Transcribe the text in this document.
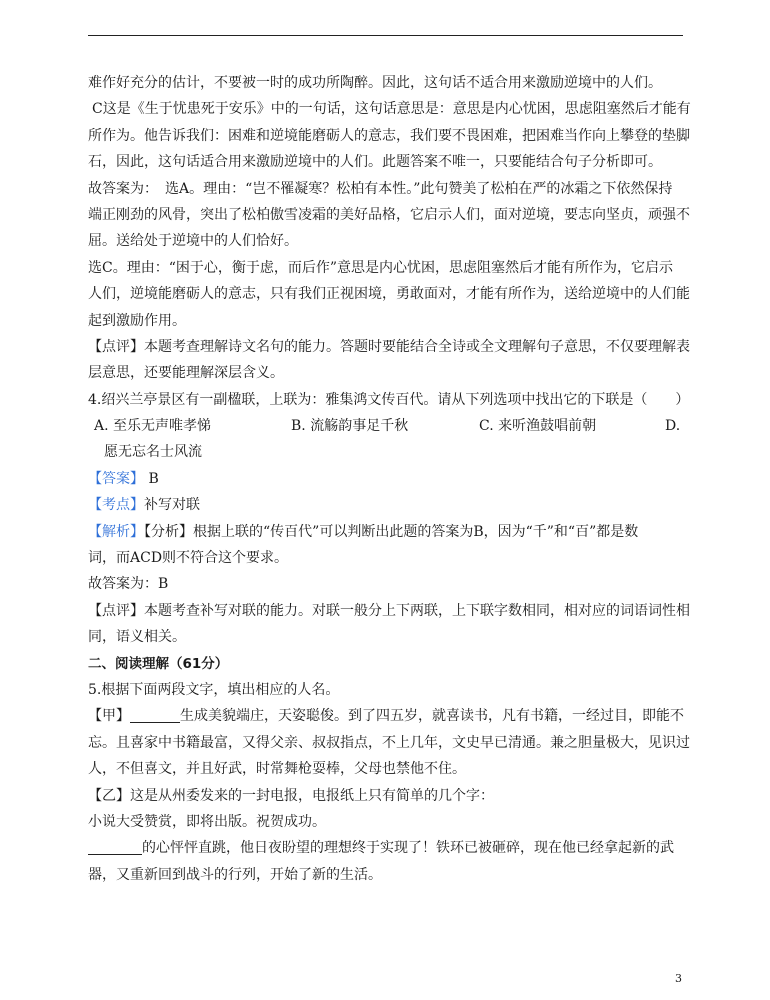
难作好充分的估计，不要被一时的成功所陶醉。因此，这句话不适合用来激励逆境中的人们。
C这是《生于忧患死于安乐》中的一句话，这句话意思是：意思是内心忧困，思虑阻塞然后才能有
所作为。他告诉我们：困难和逆境能磨砺人的意志，我们要不畏困难，把困难当作向上攀登的垫脚
石，因此，这句话适合用来激励逆境中的人们。此题答案不唯一，只要能结合句子分析即可。
故答案为：　选A。理由：“岂不罹凝寒？松柏有本性。”此句赞美了松柏在严的冰霜之下依然保持
端正刚劲的风骨，突出了松柏傲雪凌霜的美好品格，它启示人们，面对逆境，要志向坚贞，顽强不
屈。送给处于逆境中的人们恰好。
选C。理由：“困于心，衡于虑，而后作”意思是内心忧困，思虑阻塞然后才能有所作为，它启示
人们，逆境能磨砺人的意志，只有我们正视困境，勇敢面对，才能有所作为，送给逆境中的人们能
起到激励作用。
【点评】本题考查理解诗文名句的能力。答题时要能结合全诗或全文理解句子意思，不仅要理解表
层意思，还要能理解深层含义。
4.绍兴兰亭景区有一副楹联，上联为：雅集鸿文传百代。请从下列选项中找出它的下联是（　　）
A. 至乐无声唯孝悌	B. 流觞韵事足千秋	C. 来听渔鼓唱前朝	D.
愿无忘名士风流
【答案】 B
【考点】补写对联
【解析】【分析】根据上联的“传百代”可以判断出此题的答案为B，因为“千”和“百”都是数
词，而ACD则不符合这个要求。
故答案为：B
【点评】本题考查补写对联的能力。对联一般分上下两联，上下联字数相同，相对应的词语词性相
同，语义相关。
二、阅读理解（61分）
5.根据下面两段文字，填出相应的人名。
【甲】	生成美貌端庄，天姿聪俊。到了四五岁，就喜读书，凡有书籍，一经过目，即能不
忘。且喜家中书籍最富，又得父亲、叔叔指点，不上几年，文史早已清通。兼之胆量极大，见识过
人，不但喜文，并且好武，时常舞枪耍棒，父母也禁他不住。
【乙】这是从州委发来的一封电报，电报纸上只有简单的几个字：
小说大受赞赏，即将出版。祝贺成功。
的心怦怦直跳，他日夜盼望的理想终于实现了！铁环已被砸碎，现在他已经拿起新的武
器，又重新回到战斗的行列，开始了新的生活。
3
